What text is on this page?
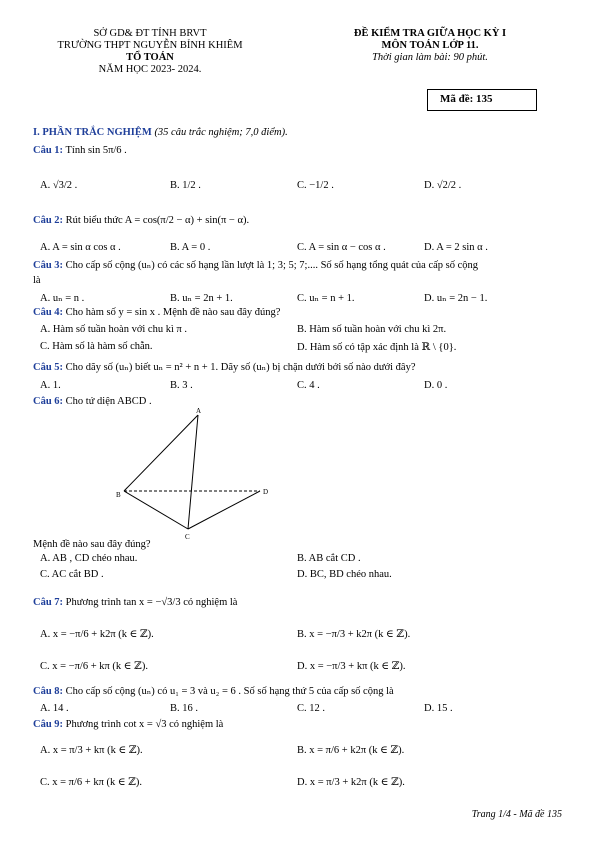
SỞ GD& ĐT TỈNH BRVT
TRƯỜNG THPT NGUYỄN BỈNH KHIÊM
TỔ TOÁN
NĂM HỌC 2023- 2024.
ĐỀ KIỂM TRA GIỮA HỌC KỲ I
MÔN TOÁN LỚP 11.
Thời gian làm bài: 90 phút.
Mã đề: 135
I. PHẦN TRẮC NGHIỆM (35 câu trắc nghiệm; 7,0 điểm).
Câu 1: Tính sin 5π/6 .
A. √3/2 .	B. 1/2 .	C. −1/2 .	D. √2/2 .
Câu 2: Rút biểu thức A = cos(π/2 − α) + sin(π − α).
A. A = sin α cos α .	B. A = 0 .	C. A = sin α − cos α .	D. A = 2 sin α .
Câu 3: Cho cấp số cộng (uₙ) có các số hạng lần lượt là 1; 3; 5; 7;.... Số số hạng tổng quát của cấp số cộng
là
A. uₙ = n .	B. uₙ = 2n + 1.	C. uₙ = n + 1.	D. uₙ = 2n − 1.
Câu 4: Cho hàm số y = sin x . Mệnh đề nào sau đây đúng?
A. Hàm số tuần hoàn với chu kì π .	B. Hàm số tuần hoàn với chu kì 2π.
C. Hàm số là hàm số chẵn.	D. Hàm số có tập xác định là ℝ \ {0}.
Câu 5: Cho dãy số (uₙ) biết uₙ = n² + n + 1. Dãy số (uₙ) bị chặn dưới bởi số nào dưới đây?
A. 1.	B. 3 .	C. 4 .	D. 0 .
Câu 6: Cho tứ diện ABCD .
A
B
C
D
Mệnh đề nào sau đây đúng?
A. AB , CD chéo nhau.	B. AB cắt CD .
C. AC cắt BD .	D. BC, BD chéo nhau.
Câu 7: Phương trình tan x = −√3/3 có nghiệm là
A. x = −π/6 + k2π (k ∈ ℤ).	B. x = −π/3 + k2π (k ∈ ℤ).
C. x = −π/6 + kπ (k ∈ ℤ).	D. x = −π/3 + kπ (k ∈ ℤ).
Câu 8: Cho cấp số cộng (uₙ) có u₁ = 3 và u₂ = 6 . Số số hạng thứ 5 của cấp số cộng là
A. 14 .	B. 16 .	C. 12 .	D. 15 .
Câu 9: Phương trình cot x = √3 có nghiệm là
A. x = π/3 + kπ (k ∈ ℤ).	B. x = π/6 + k2π (k ∈ ℤ).
C. x = π/6 + kπ (k ∈ ℤ).	D. x = π/3 + k2π (k ∈ ℤ).
Trang 1/4 - Mã đề 135
